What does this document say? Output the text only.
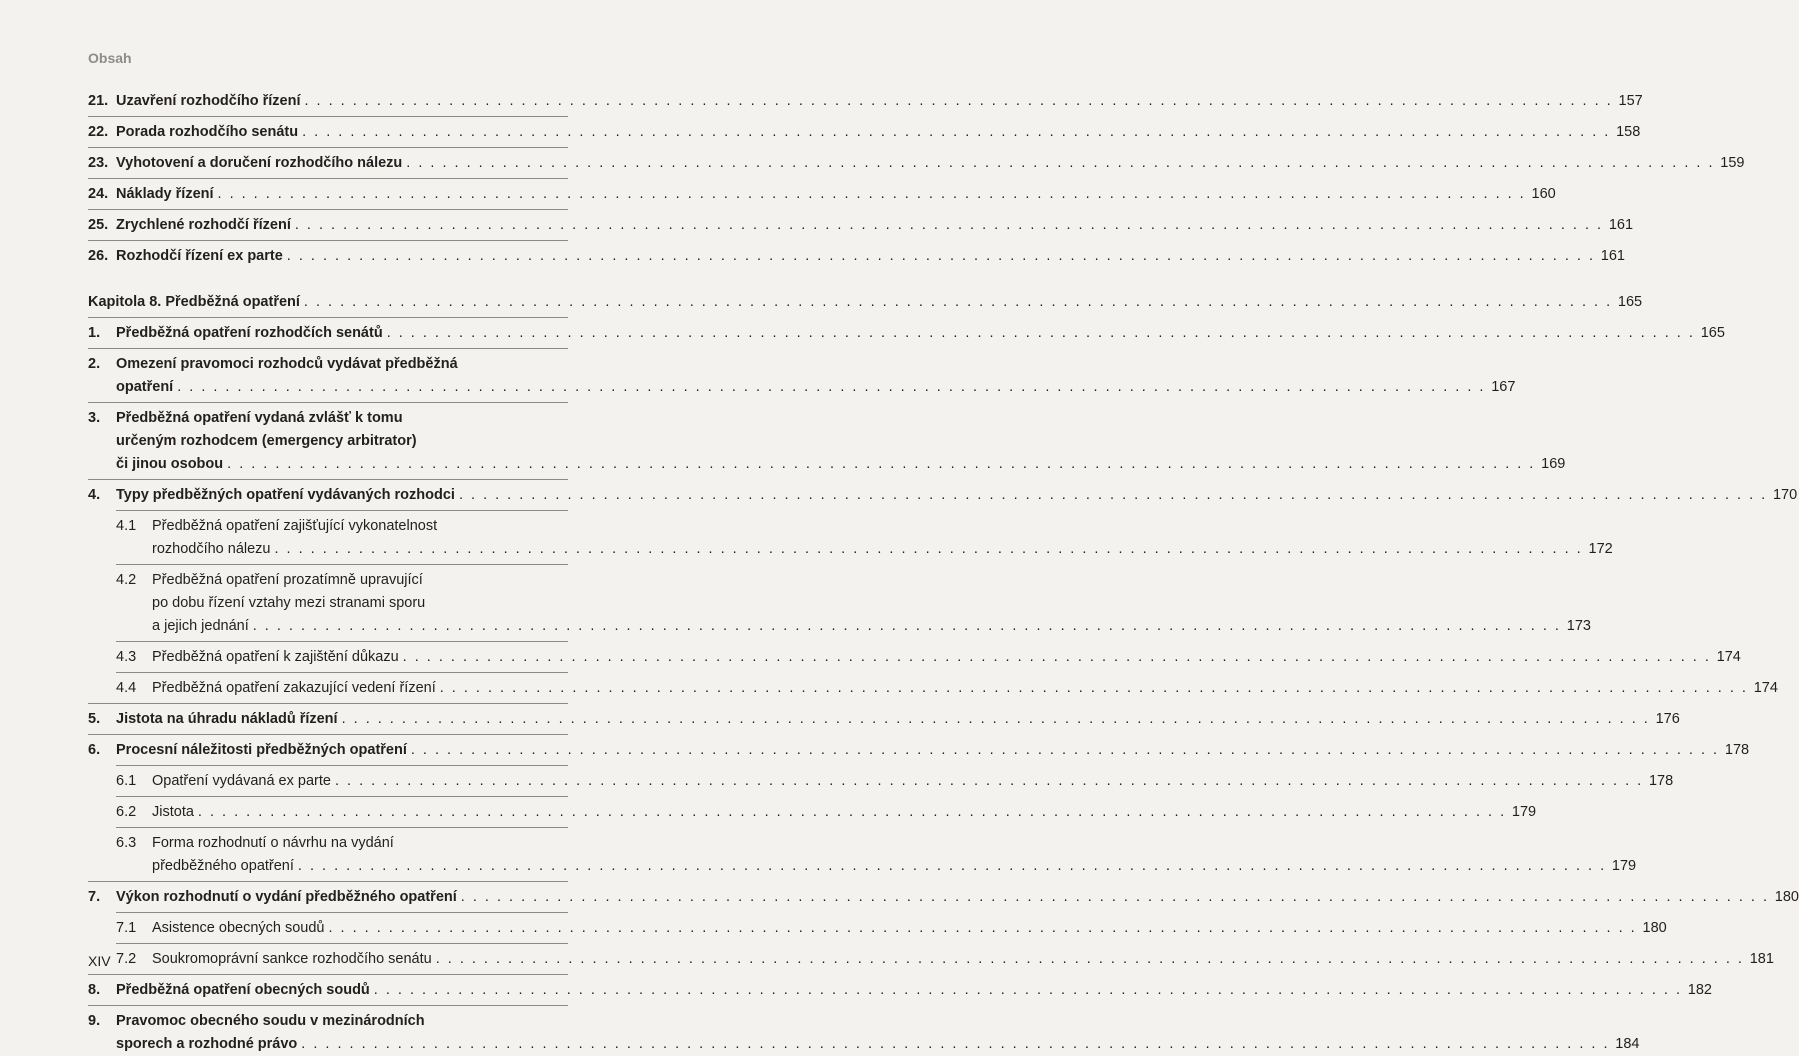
Obsah
21. Uzavření rozhodčího řízení . . . . . . . . . . . . . . . . . . . . . . . . . . . . . . . . . . . . . . . . . . . . . . . . . . . . . . . . . . . . . . . . . . . . . . . . . . . . . . . . . . . . . . . . . . . . . . . . . . . . . . . . . . . . . 157
22. Porada rozhodčího senátu . . . . . . . . . . . . . . . . . . . . . . . . . . . . . . . . . . . . . . . . . . . . . . . . . . . . . . . . . . . . . . . . . . . . . . . . . . . . . . . . . . . . . . . . . . . . . . . . . . . . . . . . . . . . . 158
23. Vyhotovení a doručení rozhodčího nálezu . . . . . . . . . . . . . . . . . . . . . . . . . . . . . . . . . . . . . . . . . . . . . . . . . . . . . . . . . . . . . . . . . . . . . . . . . . . . . . . . . . . . . . . . . . . . . . . . . . . . . . . . . . . . . 159
24. Náklady řízení . . . . . . . . . . . . . . . . . . . . . . . . . . . . . . . . . . . . . . . . . . . . . . . . . . . . . . . . . . . . . . . . . . . . . . . . . . . . . . . . . . . . . . . . . . . . . . . . . . . . . . . . . . . . . 160
25. Zrychlené rozhodčí řízení . . . . . . . . . . . . . . . . . . . . . . . . . . . . . . . . . . . . . . . . . . . . . . . . . . . . . . . . . . . . . . . . . . . . . . . . . . . . . . . . . . . . . . . . . . . . . . . . . . . . . . . . . . . . . 161
26. Rozhodčí řízení ex parte . . . . . . . . . . . . . . . . . . . . . . . . . . . . . . . . . . . . . . . . . . . . . . . . . . . . . . . . . . . . . . . . . . . . . . . . . . . . . . . . . . . . . . . . . . . . . . . . . . . . . . . . . . . . . 161
Kapitola 8. Předběžná opatření . . . . . . . . . . . . . . . . . . . . . . . . . . . . . . . . . . . . . . . . . . . . . . . . . . . . . . . . . . . . . . . . . . . . . . . . . . . . . . . . . . . . . . . . . . . . . . . . . . . . . . . . . . . . . 165
1.	Předběžná opatření rozhodčích senátů . . . . . . . . . . . . . . . . . . . . . . . . . . . . . . . . . . . . . . . . . . . . . . . . . . . . . . . . . . . . . . . . . . . . . . . . . . . . . . . . . . . . . . . . . . . . . . . . . . . . . . . . . . . . . 165
2.	Omezení pravomoci rozhodců vydávat předběžná
opatření . . . . . . . . . . . . . . . . . . . . . . . . . . . . . . . . . . . . . . . . . . . . . . . . . . . . . . . . . . . . . . . . . . . . . . . . . . . . . . . . . . . . . . . . . . . . . . . . . . . . . . . . . . . . . 167
3.	Předběžná opatření vydaná zvlášť k tomu
určeným rozhodcem (emergency arbitrator)
či jinou osobou . . . . . . . . . . . . . . . . . . . . . . . . . . . . . . . . . . . . . . . . . . . . . . . . . . . . . . . . . . . . . . . . . . . . . . . . . . . . . . . . . . . . . . . . . . . . . . . . . . . . . . . . . . . . . 169
4.	Typy předběžných opatření vydávaných rozhodci . . . . . . . . . . . . . . . . . . . . . . . . . . . . . . . . . . . . . . . . . . . . . . . . . . . . . . . . . . . . . . . . . . . . . . . . . . . . . . . . . . . . . . . . . . . . . . . . . . . . . . . . . . . . . 170
4.1	Předběžná opatření zajišťující vykonatelnost
rozhodčího nálezu . . . . . . . . . . . . . . . . . . . . . . . . . . . . . . . . . . . . . . . . . . . . . . . . . . . . . . . . . . . . . . . . . . . . . . . . . . . . . . . . . . . . . . . . . . . . . . . . . . . . . . . . . . . . . 172
4.2	Předběžná opatření prozatímně upravující
po dobu řízení vztahy mezi stranami sporu
a jejich jednání . . . . . . . . . . . . . . . . . . . . . . . . . . . . . . . . . . . . . . . . . . . . . . . . . . . . . . . . . . . . . . . . . . . . . . . . . . . . . . . . . . . . . . . . . . . . . . . . . . . . . . . . . . . . . 173
4.3	Předběžná opatření k zajištění důkazu . . . . . . . . . . . . . . . . . . . . . . . . . . . . . . . . . . . . . . . . . . . . . . . . . . . . . . . . . . . . . . . . . . . . . . . . . . . . . . . . . . . . . . . . . . . . . . . . . . . . . . . . . . . . . 174
4.4	Předběžná opatření zakazující vedení řízení . . . . . . . . . . . . . . . . . . . . . . . . . . . . . . . . . . . . . . . . . . . . . . . . . . . . . . . . . . . . . . . . . . . . . . . . . . . . . . . . . . . . . . . . . . . . . . . . . . . . . . . . . . . . . 174
5.	Jistota na úhradu nákladů řízení . . . . . . . . . . . . . . . . . . . . . . . . . . . . . . . . . . . . . . . . . . . . . . . . . . . . . . . . . . . . . . . . . . . . . . . . . . . . . . . . . . . . . . . . . . . . . . . . . . . . . . . . . . . . . 176
6.	Procesní náležitosti předběžných opatření . . . . . . . . . . . . . . . . . . . . . . . . . . . . . . . . . . . . . . . . . . . . . . . . . . . . . . . . . . . . . . . . . . . . . . . . . . . . . . . . . . . . . . . . . . . . . . . . . . . . . . . . . . . . . 178
6.1	Opatření vydávaná ex parte . . . . . . . . . . . . . . . . . . . . . . . . . . . . . . . . . . . . . . . . . . . . . . . . . . . . . . . . . . . . . . . . . . . . . . . . . . . . . . . . . . . . . . . . . . . . . . . . . . . . . . . . . . . . . 178
6.2	Jistota . . . . . . . . . . . . . . . . . . . . . . . . . . . . . . . . . . . . . . . . . . . . . . . . . . . . . . . . . . . . . . . . . . . . . . . . . . . . . . . . . . . . . . . . . . . . . . . . . . . . . . . . . . . . . 179
6.3	Forma rozhodnutí o návrhu na vydání
předběžného opatření . . . . . . . . . . . . . . . . . . . . . . . . . . . . . . . . . . . . . . . . . . . . . . . . . . . . . . . . . . . . . . . . . . . . . . . . . . . . . . . . . . . . . . . . . . . . . . . . . . . . . . . . . . . . . 179
7.	Výkon rozhodnutí o vydání předběžného opatření . . . . . . . . . . . . . . . . . . . . . . . . . . . . . . . . . . . . . . . . . . . . . . . . . . . . . . . . . . . . . . . . . . . . . . . . . . . . . . . . . . . . . . . . . . . . . . . . . . . . . . . . . . . . . 180
7.1	Asistence obecných soudů . . . . . . . . . . . . . . . . . . . . . . . . . . . . . . . . . . . . . . . . . . . . . . . . . . . . . . . . . . . . . . . . . . . . . . . . . . . . . . . . . . . . . . . . . . . . . . . . . . . . . . . . . . . . . 180
7.2	Soukromoprávní sankce rozhodčího senátu . . . . . . . . . . . . . . . . . . . . . . . . . . . . . . . . . . . . . . . . . . . . . . . . . . . . . . . . . . . . . . . . . . . . . . . . . . . . . . . . . . . . . . . . . . . . . . . . . . . . . . . . . . . . . 181
8.	Předběžná opatření obecných soudů . . . . . . . . . . . . . . . . . . . . . . . . . . . . . . . . . . . . . . . . . . . . . . . . . . . . . . . . . . . . . . . . . . . . . . . . . . . . . . . . . . . . . . . . . . . . . . . . . . . . . . . . . . . . . 182
9.	Pravomoc obecného soudu v mezinárodních
sporech a rozhodné právo . . . . . . . . . . . . . . . . . . . . . . . . . . . . . . . . . . . . . . . . . . . . . . . . . . . . . . . . . . . . . . . . . . . . . . . . . . . . . . . . . . . . . . . . . . . . . . . . . . . . . . . . . . . . . 184
XIV
